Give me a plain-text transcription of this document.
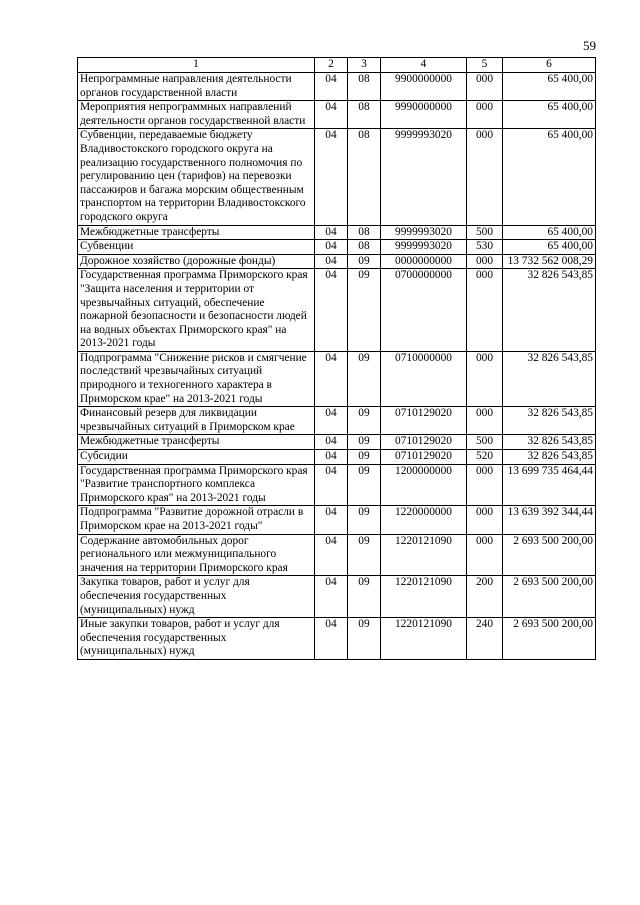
59
1	2	3	4	5	6
Непрограммные направления деятельности органов государственной власти	04	08	9900000000	000	65 400,00
Мероприятия непрограммных направлений деятельности органов государственной власти	04	08	9990000000	000	65 400,00
Субвенции, передаваемые бюджету Владивостокского городского округа на реализацию государственного полномочия по регулированию цен (тарифов) на перевозки пассажиров и багажа морским общественным транспортом на территории Владивостокского городского округа	04	08	9999993020	000	65 400,00
Межбюджетные трансферты	04	08	9999993020	500	65 400,00
Субвенции	04	08	9999993020	530	65 400,00
Дорожное хозяйство (дорожные фонды)	04	09	0000000000	000	13 732 562 008,29
Государственная программа Приморского края "Защита населения и территории от чрезвычайных ситуаций, обеспечение пожарной безопасности и безопасности людей на водных объектах Приморского края" на 2013-2021 годы	04	09	0700000000	000	32 826 543,85
Подпрограмма "Снижение рисков и смягчение последствий чрезвычайных ситуаций природного и техногенного характера в Приморском крае" на 2013-2021 годы	04	09	0710000000	000	32 826 543,85
Финансовый резерв для ликвидации чрезвычайных ситуаций в Приморском крае	04	09	0710129020	000	32 826 543,85
Межбюджетные трансферты	04	09	0710129020	500	32 826 543,85
Субсидии	04	09	0710129020	520	32 826 543,85
Государственная программа Приморского края "Развитие транспортного комплекса Приморского края" на 2013-2021 годы	04	09	1200000000	000	13 699 735 464,44
Подпрограмма "Развитие дорожной отрасли в Приморском крае на 2013-2021 годы"	04	09	1220000000	000	13 639 392 344,44
Содержание автомобильных дорог регионального или межмуниципального значения на территории Приморского края	04	09	1220121090	000	2 693 500 200,00
Закупка товаров, работ и услуг для обеспечения государственных (муниципальных) нужд	04	09	1220121090	200	2 693 500 200,00
Иные закупки товаров, работ и услуг для обеспечения государственных (муниципальных) нужд	04	09	1220121090	240	2 693 500 200,00
